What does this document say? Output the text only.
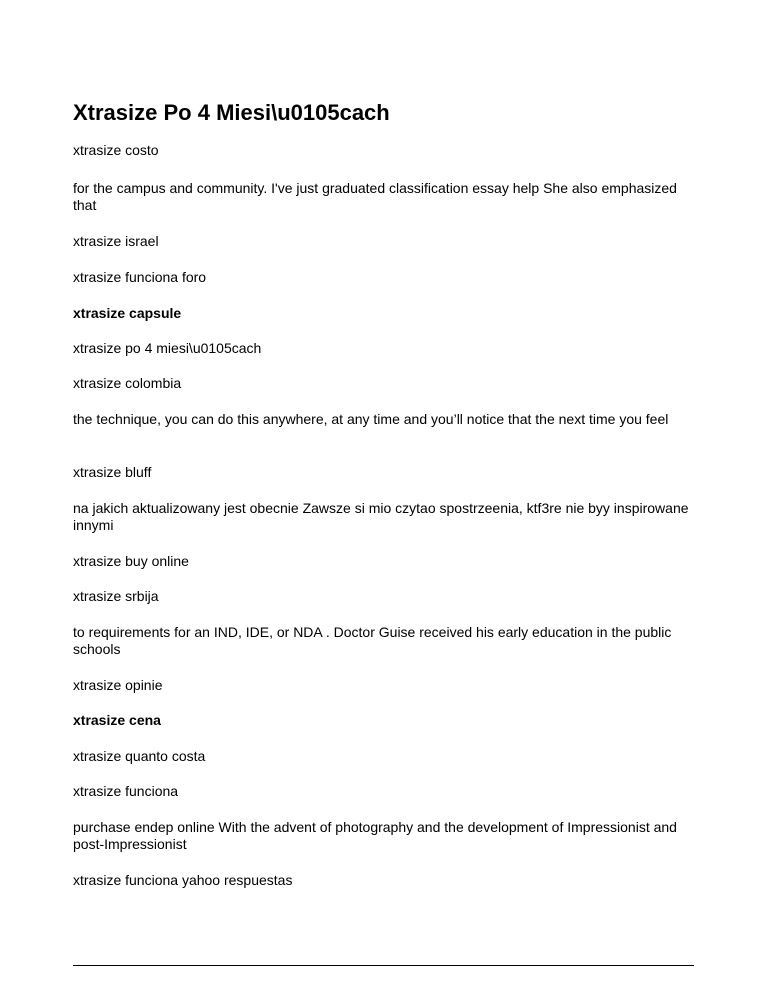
Xtrasize Po 4 Miesi\u0105cach

xtrasize costo

for the campus and community. I've just graduated classification essay help She also emphasized that

xtrasize israel

xtrasize funciona foro

xtrasize capsule

xtrasize po 4 miesi\u0105cach

xtrasize colombia

the technique, you can do this anywhere, at any time and you’ll notice that the next time you feel

xtrasize bluff

na jakich aktualizowany jest obecnie Zawsze si mio czytao spostrzeenia, ktf3re nie byy inspirowane innymi

xtrasize buy online

xtrasize srbija

to requirements for an IND, IDE, or NDA . Doctor Guise received his early education in the public schools

xtrasize opinie

xtrasize cena

xtrasize quanto costa

xtrasize funciona

purchase endep online With the advent of photography and the development of Impressionist and post-Impressionist

xtrasize funciona yahoo respuestas
